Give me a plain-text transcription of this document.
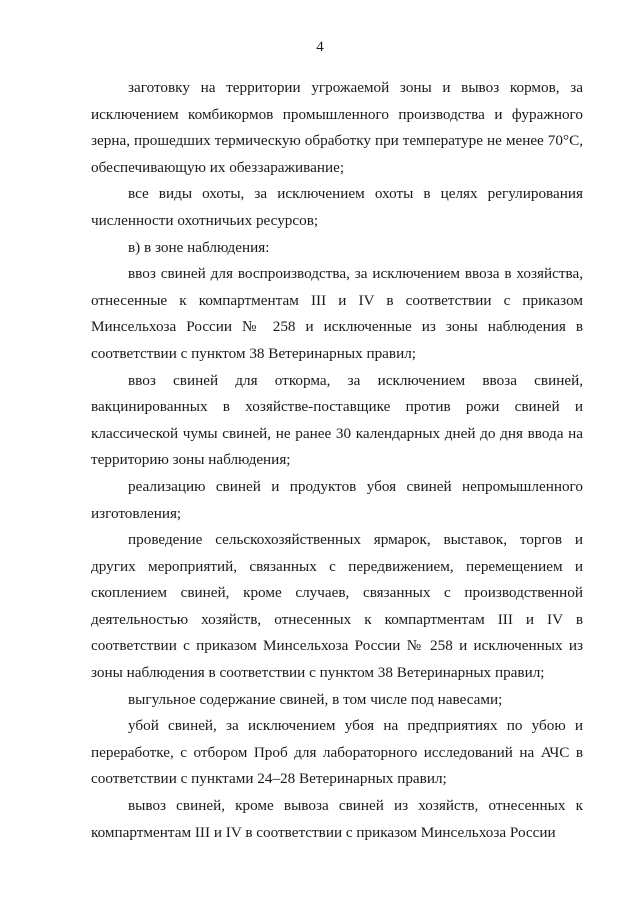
4

заготовку на территории угрожаемой зоны и вывоз кормов, за исключением комбикормов промышленного производства и фуражного зерна, прошедших термическую обработку при температуре не менее 70°С, обеспечивающую их обеззараживание;

все виды охоты, за исключением охоты в целях регулирования численности охотничьих ресурсов;

в) в зоне наблюдения:

ввоз свиней для воспроизводства, за исключением ввоза в хозяйства, отнесенные к компартментам III и IV в соответствии с приказом Минсельхоза России № 258 и исключенные из зоны наблюдения в соответствии с пунктом 38 Ветеринарных правил;

ввоз свиней для откорма, за исключением ввоза свиней, вакцинированных в хозяйстве-поставщике против рожи свиней и классической чумы свиней, не ранее 30 календарных дней до дня ввода на территорию зоны наблюдения;

реализацию свиней и продуктов убоя свиней непромышленного изготовления;

проведение сельскохозяйственных ярмарок, выставок, торгов и других мероприятий, связанных с передвижением, перемещением и скоплением свиней, кроме случаев, связанных с производственной деятельностью хозяйств, отнесенных к компартментам III и IV в соответствии с приказом Минсельхоза России № 258 и исключенных из зоны наблюдения в соответствии с пунктом 38 Ветеринарных правил;

выгульное содержание свиней, в том числе под навесами;

убой свиней, за исключением убоя на предприятиях по убою и переработке, с отбором Проб для лабораторного исследований на АЧС в соответствии с пунктами 24–28 Ветеринарных правил;

вывоз свиней, кроме вывоза свиней из хозяйств, отнесенных к компартментам III и IV в соответствии с приказом Минсельхоза России
